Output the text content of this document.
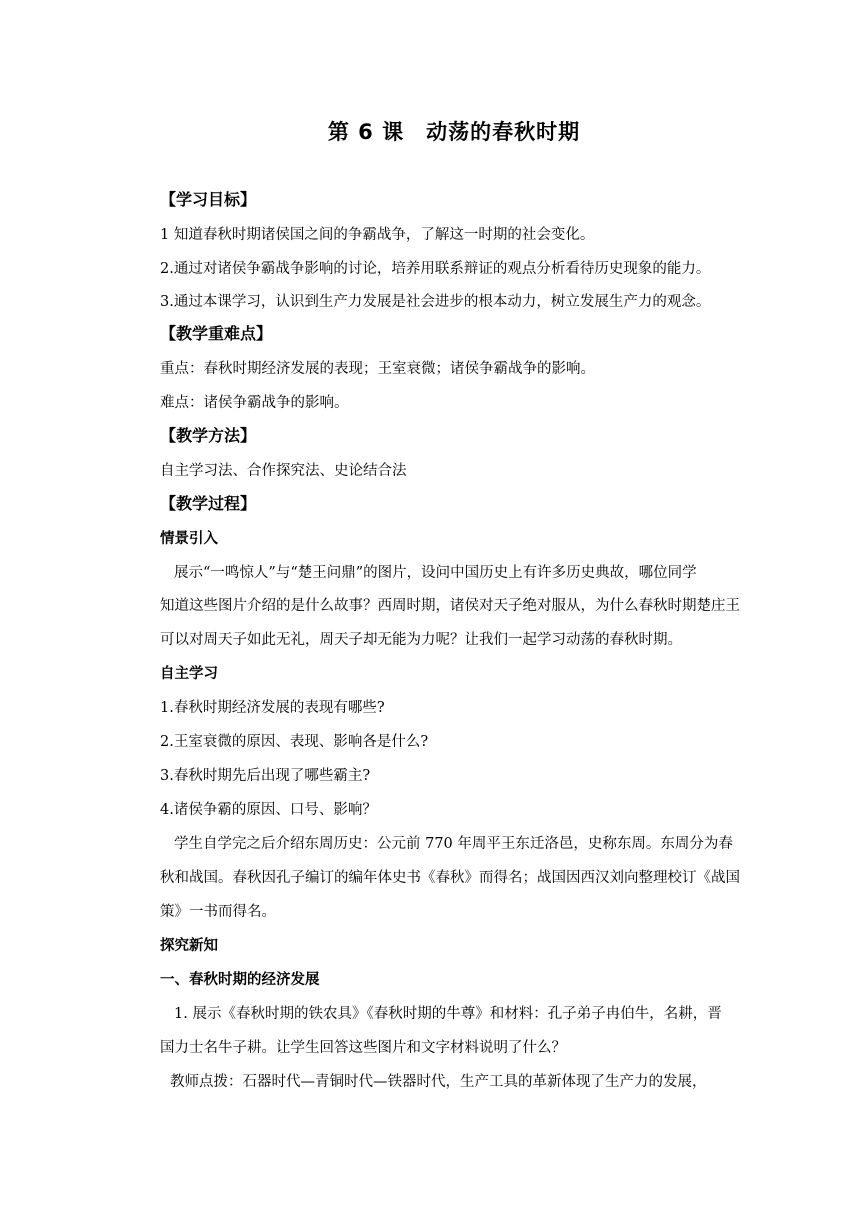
第 6 课　动荡的春秋时期
【学习目标】
1 知道春秋时期诸侯国之间的争霸战争，了解这一时期的社会变化。
2.通过对诸侯争霸战争影响的讨论，培养用联系辩证的观点分析看待历史现象的能力。
3.通过本课学习，认识到生产力发展是社会进步的根本动力，树立发展生产力的观念。
【教学重难点】
重点：春秋时期经济发展的表现；王室衰微；诸侯争霸战争的影响。
难点：诸侯争霸战争的影响。
【教学方法】
自主学习法、合作探究法、史论结合法
【教学过程】
情景引入
展示“一鸣惊人”与“楚王问鼎”的图片，设问中国历史上有许多历史典故，哪位同学
知道这些图片介绍的是什么故事？西周时期，诸侯对天子绝对服从，为什么春秋时期楚庄王
可以对周天子如此无礼，周天子却无能为力呢？让我们一起学习动荡的春秋时期。
自主学习
1.春秋时期经济发展的表现有哪些?
2.王室衰微的原因、表现、影响各是什么?
3.春秋时期先后出现了哪些霸主?
4.诸侯争霸的原因、口号、影响？
学生自学完之后介绍东周历史：公元前 770 年周平王东迁洛邑，史称东周。东周分为春
秋和战国。春秋因孔子编订的编年体史书《春秋》而得名；战国因西汉刘向整理校订《战国
策》一书而得名。
探究新知
一、春秋时期的经济发展
1. 展示《春秋时期的铁农具》《春秋时期的牛尊》和材料：孔子弟子冉伯牛，名耕，晋
国力士名牛子耕。让学生回答这些图片和文字材料说明了什么？
教师点拨：石器时代—青铜时代—铁器时代，生产工具的革新体现了生产力的发展，
